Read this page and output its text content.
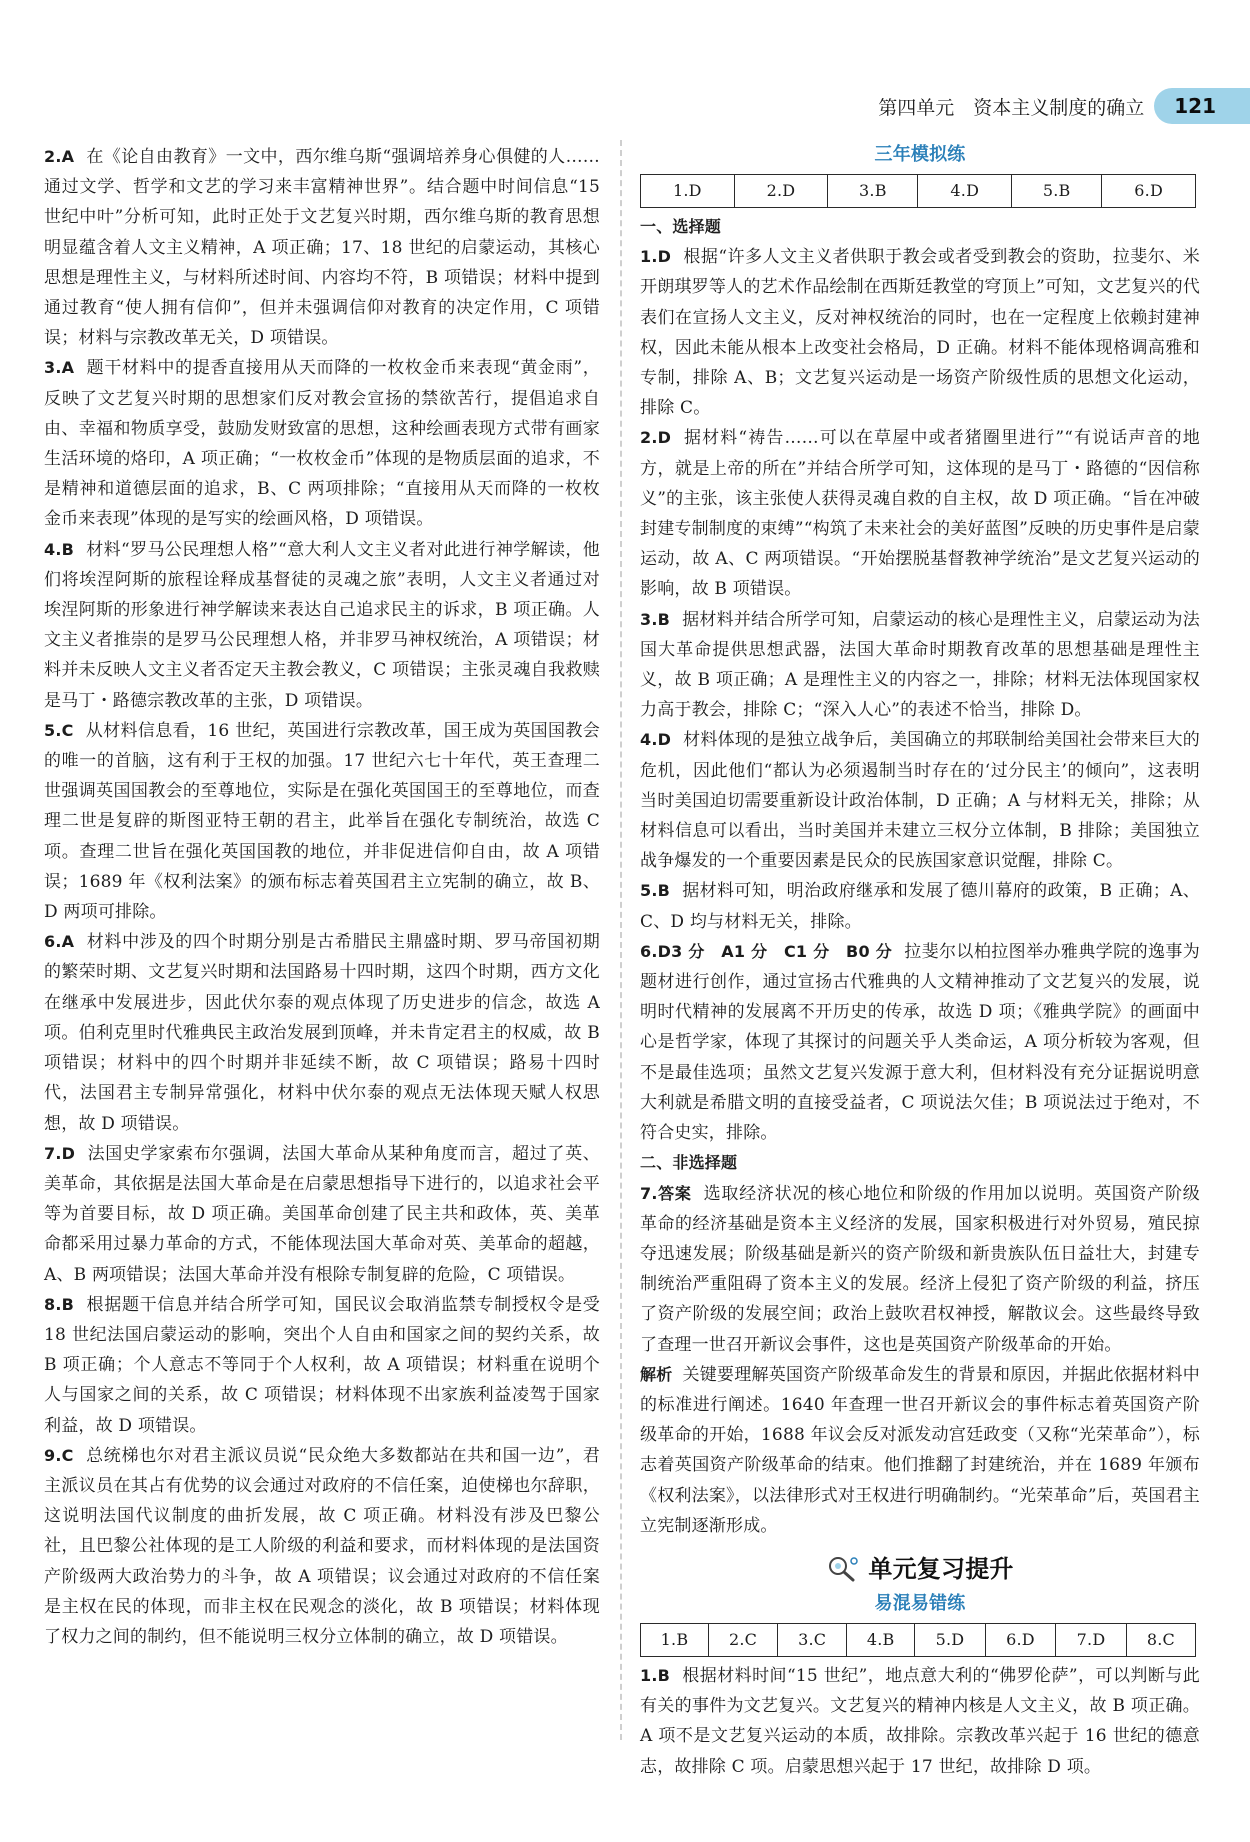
第四单元　资本主义制度的确立	121
2.A 在《论自由教育》一文中，西尔维乌斯“强调培养身心俱健的人……通过文学、哲学和文艺的学习来丰富精神世界”。结合题中时间信息“15 世纪中叶”分析可知，此时正处于文艺复兴时期，西尔维乌斯的教育思想明显蕴含着人文主义精神，A 项正确；17、18 世纪的启蒙运动，其核心思想是理性主义，与材料所述时间、内容均不符，B 项错误；材料中提到通过教育“使人拥有信仰”，但并未强调信仰对教育的决定作用，C 项错误；材料与宗教改革无关，D 项错误。
3.A 题干材料中的提香直接用从天而降的一枚枚金币来表现“黄金雨”，反映了文艺复兴时期的思想家们反对教会宣扬的禁欲苦行，提倡追求自由、幸福和物质享受，鼓励发财致富的思想，这种绘画表现方式带有画家生活环境的烙印，A 项正确；“一枚枚金币”体现的是物质层面的追求，不是精神和道德层面的追求，B、C 两项排除；“直接用从天而降的一枚枚金币来表现”体现的是写实的绘画风格，D 项错误。
4.B 材料“罗马公民理想人格”“意大利人文主义者对此进行神学解读，他们将埃涅阿斯的旅程诠释成基督徒的灵魂之旅”表明，人文主义者通过对埃涅阿斯的形象进行神学解读来表达自己追求民主的诉求，B 项正确。人文主义者推崇的是罗马公民理想人格，并非罗马神权统治，A 项错误；材料并未反映人文主义者否定天主教会教义，C 项错误；主张灵魂自我救赎是马丁・路德宗教改革的主张，D 项错误。
5.C 从材料信息看，16 世纪，英国进行宗教改革，国王成为英国国教会的唯一的首脑，这有利于王权的加强。17 世纪六七十年代，英王查理二世强调英国国教会的至尊地位，实际是在强化英国国王的至尊地位，而查理二世是复辟的斯图亚特王朝的君主，此举旨在强化专制统治，故选 C 项。查理二世旨在强化英国国教的地位，并非促进信仰自由，故 A 项错误；1689 年《权利法案》的颁布标志着英国君主立宪制的确立，故 B、D 两项可排除。
6.A 材料中涉及的四个时期分别是古希腊民主鼎盛时期、罗马帝国初期的繁荣时期、文艺复兴时期和法国路易十四时期，这四个时期，西方文化在继承中发展进步，因此伏尔泰的观点体现了历史进步的信念，故选 A 项。伯利克里时代雅典民主政治发展到顶峰，并未肯定君主的权威，故 B 项错误；材料中的四个时期并非延续不断，故 C 项错误；路易十四时代，法国君主专制异常强化，材料中伏尔泰的观点无法体现天赋人权思想，故 D 项错误。
7.D 法国史学家索布尔强调，法国大革命从某种角度而言，超过了英、美革命，其依据是法国大革命是在启蒙思想指导下进行的，以追求社会平等为首要目标，故 D 项正确。美国革命创建了民主共和政体，英、美革命都采用过暴力革命的方式，不能体现法国大革命对英、美革命的超越，A、B 两项错误；法国大革命并没有根除专制复辟的危险，C 项错误。
8.B 根据题干信息并结合所学可知，国民议会取消监禁专制授权令是受 18 世纪法国启蒙运动的影响，突出个人自由和国家之间的契约关系，故 B 项正确；个人意志不等同于个人权利，故 A 项错误；材料重在说明个人与国家之间的关系，故 C 项错误；材料体现不出家族利益凌驾于国家利益，故 D 项错误。
9.C 总统梯也尔对君主派议员说“民众绝大多数都站在共和国一边”，君主派议员在其占有优势的议会通过对政府的不信任案，迫使梯也尔辞职，这说明法国代议制度的曲折发展，故 C 项正确。材料没有涉及巴黎公社，且巴黎公社体现的是工人阶级的利益和要求，而材料体现的是法国资产阶级两大政治势力的斗争，故 A 项错误；议会通过对政府的不信任案是主权在民的体现，而非主权在民观念的淡化，故 B 项错误；材料体现了权力之间的制约，但不能说明三权分立体制的确立，故 D 项错误。
三年模拟练
1.D	2.D	3.B	4.D	5.B	6.D
一、选择题
1.D 根据“许多人文主义者供职于教会或者受到教会的资助，拉斐尔、米开朗琪罗等人的艺术作品绘制在西斯廷教堂的穹顶上”可知，文艺复兴的代表们在宣扬人文主义，反对神权统治的同时，也在一定程度上依赖封建神权，因此未能从根本上改变社会格局，D 正确。材料不能体现格调高雅和专制，排除 A、B；文艺复兴运动是一场资产阶级性质的思想文化运动，排除 C。
2.D 据材料“祷告……可以在草屋中或者猪圈里进行”“有说话声音的地方，就是上帝的所在”并结合所学可知，这体现的是马丁・路德的“因信称义”的主张，该主张使人获得灵魂自救的自主权，故 D 项正确。“旨在冲破封建专制制度的束缚”“构筑了未来社会的美好蓝图”反映的历史事件是启蒙运动，故 A、C 两项错误。“开始摆脱基督教神学统治”是文艺复兴运动的影响，故 B 项错误。
3.B 据材料并结合所学可知，启蒙运动的核心是理性主义，启蒙运动为法国大革命提供思想武器，法国大革命时期教育改革的思想基础是理性主义，故 B 项正确；A 是理性主义的内容之一，排除；材料无法体现国家权力高于教会，排除 C；“深入人心”的表述不恰当，排除 D。
4.D 材料体现的是独立战争后，美国确立的邦联制给美国社会带来巨大的危机，因此他们“都认为必须遏制当时存在的‘过分民主’的倾向”，这表明当时美国迫切需要重新设计政治体制，D 正确；A 与材料无关，排除；从材料信息可以看出，当时美国并未建立三权分立体制，B 排除；美国独立战争爆发的一个重要因素是民众的民族国家意识觉醒，排除 C。
5.B 据材料可知，明治政府继承和发展了德川幕府的政策，B 正确；A、C、D 均与材料无关，排除。
6.D3 分　A1 分　C1 分　B0 分 拉斐尔以柏拉图举办雅典学院的逸事为题材进行创作，通过宣扬古代雅典的人文精神推动了文艺复兴的发展，说明时代精神的发展离不开历史的传承，故选 D 项；《雅典学院》的画面中心是哲学家，体现了其探讨的问题关乎人类命运，A 项分析较为客观，但不是最佳选项；虽然文艺复兴发源于意大利，但材料没有充分证据说明意大利就是希腊文明的直接受益者，C 项说法欠佳；B 项说法过于绝对，不符合史实，排除。
二、非选择题
7.答案 选取经济状况的核心地位和阶级的作用加以说明。英国资产阶级革命的经济基础是资本主义经济的发展，国家积极进行对外贸易，殖民掠夺迅速发展；阶级基础是新兴的资产阶级和新贵族队伍日益壮大，封建专制统治严重阻碍了资本主义的发展。经济上侵犯了资产阶级的利益，挤压了资产阶级的发展空间；政治上鼓吹君权神授，解散议会。这些最终导致了查理一世召开新议会事件，这也是英国资产阶级革命的开始。
解析 关键要理解英国资产阶级革命发生的背景和原因，并据此依据材料中的标准进行阐述。1640 年查理一世召开新议会的事件标志着英国资产阶级革命的开始，1688 年议会反对派发动宫廷政变（又称“光荣革命”），标志着英国资产阶级革命的结束。他们推翻了封建统治，并在 1689 年颁布《权利法案》，以法律形式对王权进行明确制约。“光荣革命”后，英国君主立宪制逐渐形成。
单元复习提升
易混易错练
1.B	2.C	3.C	4.B	5.D	6.D	7.D	8.C
1.B 根据材料时间“15 世纪”，地点意大利的“佛罗伦萨”，可以判断与此有关的事件为文艺复兴。文艺复兴的精神内核是人文主义，故 B 项正确。A 项不是文艺复兴运动的本质，故排除。宗教改革兴起于 16 世纪的德意志，故排除 C 项。启蒙思想兴起于 17 世纪，故排除 D 项。
